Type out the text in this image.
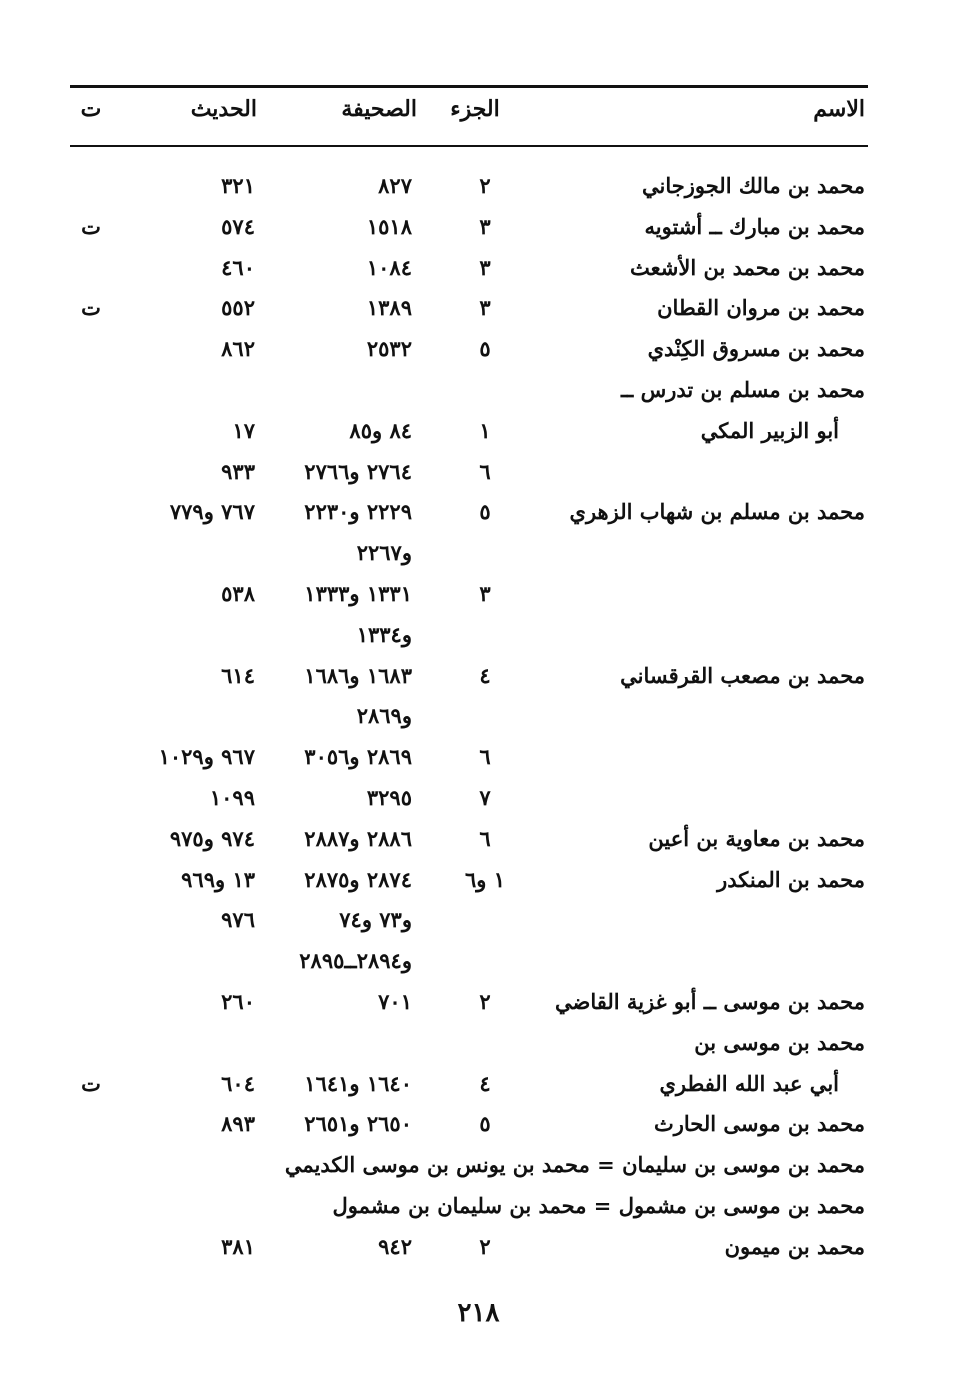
الاسم
الجزء
الصحيفة
الحديث
ت
محمد بن مالك الجوزجاني
٢
٨٢٧
٣٢١
محمد بن مبارك ــ أشتويه
٣
١٥١٨
٥٧٤
ت
محمد بن محمد بن الأشعث
٣
١٠٨٤
٤٦٠
محمد بن مروان القطان
٣
١٣٨٩
٥٥٢
ت
محمد بن مسروق الكِنْدي
٥
٢٥٣٢
٨٦٢
محمد بن مسلم بن تدرس ــ
أبو الزبير المكي
١
٨٤ و٨٥
١٧
٦
٢٧٦٤ و٢٧٦٦
٩٣٣
محمد بن مسلم بن شهاب الزهري
٥
٢٢٢٩ و٢٢٣٠
٧٦٧ و٧٧٩
و٢٢٦٧
٣
١٣٣١ و١٣٣٣
٥٣٨
و١٣٣٤
محمد بن مصعب القرقساني
٤
١٦٨٣ و١٦٨٦
٦١٤
و٢٨٦٩
٦
٢٨٦٩ و٣٠٥٦
٩٦٧ و١٠٢٩
٧
٣٢٩٥
١٠٩٩
محمد بن معاوية بن أعين
٦
٢٨٨٦ و٢٨٨٧
٩٧٤ و٩٧٥
محمد بن المنكدر
١ و٦
٢٨٧٤ و٢٨٧٥
١٣ و٩٦٩
و٧٣ و٧٤
٩٧٦
و٢٨٩٤ــ٢٨٩٥
محمد بن موسى ــ أبو غزية القاضي
٢
٧٠١
٢٦٠
محمد بن موسى بن
أبي عبد الله الفطري
٤
١٦٤٠ و١٦٤١
٦٠٤
ت
محمد بن موسى الحارث
٥
٢٦٥٠ و٢٦٥١
٨٩٣
محمد بن موسى بن سليمان = محمد بن يونس بن موسى الكديمي
محمد بن موسى بن مشمول = محمد بن سليمان بن مشمول
محمد بن ميمون
٢
٩٤٢
٣٨١
٢١٨
